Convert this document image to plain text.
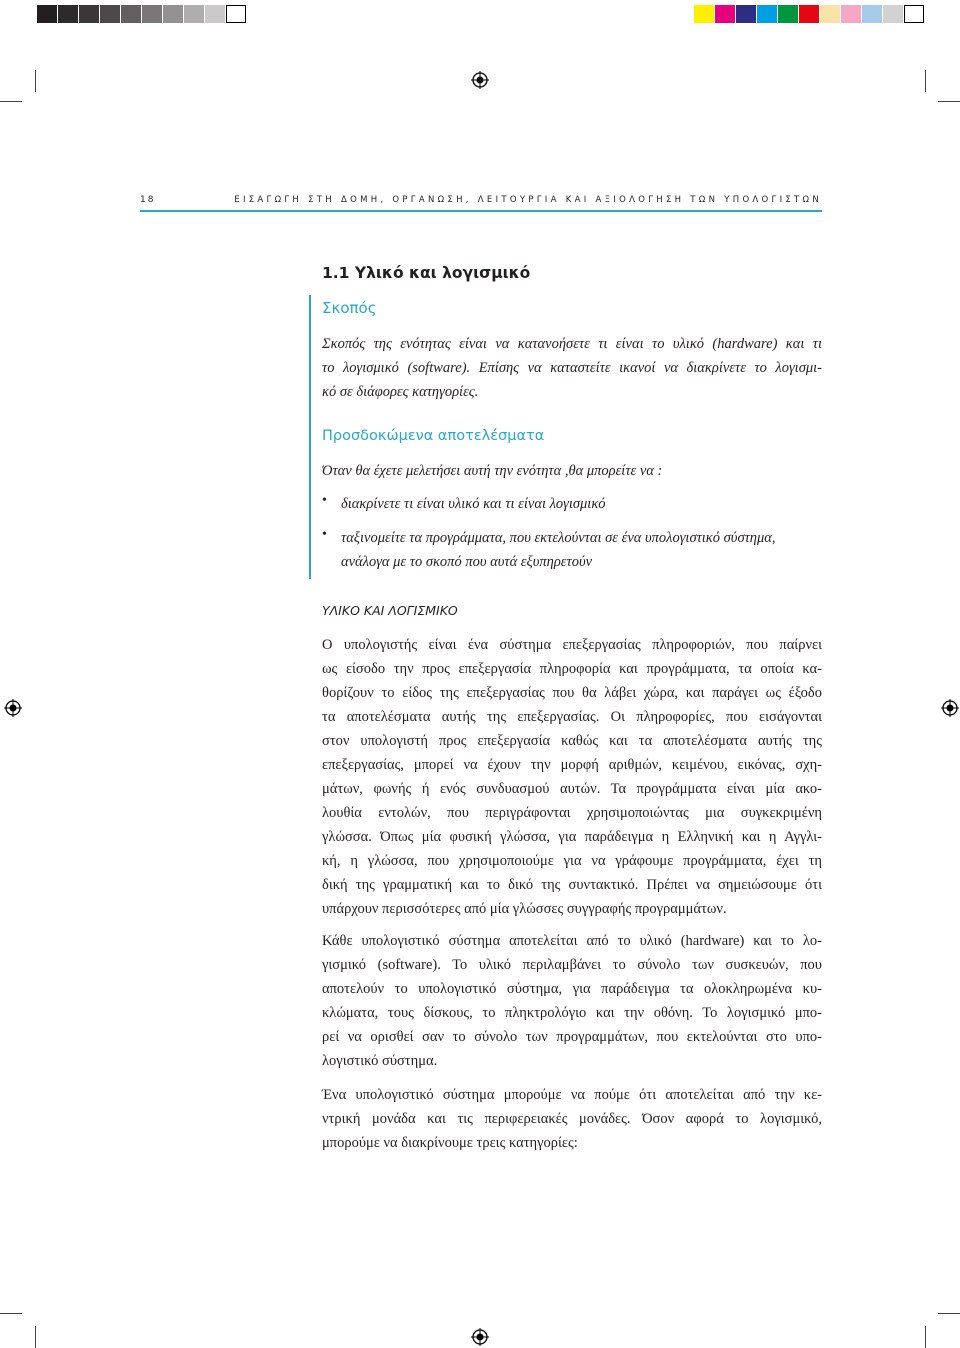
18	ΕΙΣΑΓΩΓΗ ΣΤΗ ΔΟΜΗ, ΟΡΓΑΝΩΣΗ, ΛΕΙΤΟΥΡΓΙΑ ΚΑΙ ΑΞΙΟΛΟΓΗΣΗ ΤΩΝ ΥΠΟΛΟΓΙΣΤΩΝ
1.1 Υλικό και λογισμικό
Σκοπός
Σκοπός της ενότητας είναι να κατανοήσετε τι είναι το υλικό (hardware) και τι
το λογισμικό (software). Επίσης να καταστείτε ικανοί να διακρίνετε το λογισμι-
κό σε διάφορες κατηγορίες.
Προσδοκώμενα αποτελέσματα
Όταν θα έχετε μελετήσει αυτή την ενότητα ,θα μπορείτε να :
• διακρίνετε τι είναι υλικό και τι είναι λογισμικό
• ταξινομείτε τα προγράμματα, που εκτελούνται σε ένα υπολογιστικό σύστημα,
ανάλογα με το σκοπό που αυτά εξυπηρετούν
ΥΛΙΚΟ ΚΑΙ ΛΟΓΙΣΜΙΚΟ
Ο υπολογιστής είναι ένα σύστημα επεξεργασίας πληροφοριών, που παίρνει
ως είσοδο την προς επεξεργασία πληροφορία και προγράμματα, τα οποία κα-
θορίζουν το είδος της επεξεργασίας που θα λάβει χώρα, και παράγει ως έξοδο
τα αποτελέσματα αυτής της επεξεργασίας. Οι πληροφορίες, που εισάγονται
στον υπολογιστή προς επεξεργασία καθώς και τα αποτελέσματα αυτής της
επεξεργασίας, μπορεί να έχουν την μορφή αριθμών, κειμένου, εικόνας, σχη-
μάτων, φωνής ή ενός συνδυασμού αυτών. Τα προγράμματα είναι μία ακο-
λουθία εντολών, που περιγράφονται χρησιμοποιώντας μια συγκεκριμένη
γλώσσα. Όπως μία φυσική γλώσσα, για παράδειγμα η Ελληνική και η Αγγλι-
κή, η γλώσσα, που χρησιμοποιούμε για να γράφουμε προγράμματα, έχει τη
δική της γραμματική και το δικό της συντακτικό. Πρέπει να σημειώσουμε ότι
υπάρχουν περισσότερες από μία γλώσσες συγγραφής προγραμμάτων.
Κάθε υπολογιστικό σύστημα αποτελείται από το υλικό (hardware) και το λο-
γισμικό (software). Το υλικό περιλαμβάνει το σύνολο των συσκευών, που
αποτελούν το υπολογιστικό σύστημα, για παράδειγμα τα ολοκληρωμένα κυ-
κλώματα, τους δίσκους, το πληκτρολόγιο και την οθόνη. Το λογισμικό μπο-
ρεί να ορισθεί σαν το σύνολο των προγραμμάτων, που εκτελούνται στο υπο-
λογιστικό σύστημα.
Ένα υπολογιστικό σύστημα μπορούμε να πούμε ότι αποτελείται από την κε-
ντρική μονάδα και τις περιφερειακές μονάδες. Όσον αφορά το λογισμικό,
μπορούμε να διακρίνουμε τρεις κατηγορίες:
